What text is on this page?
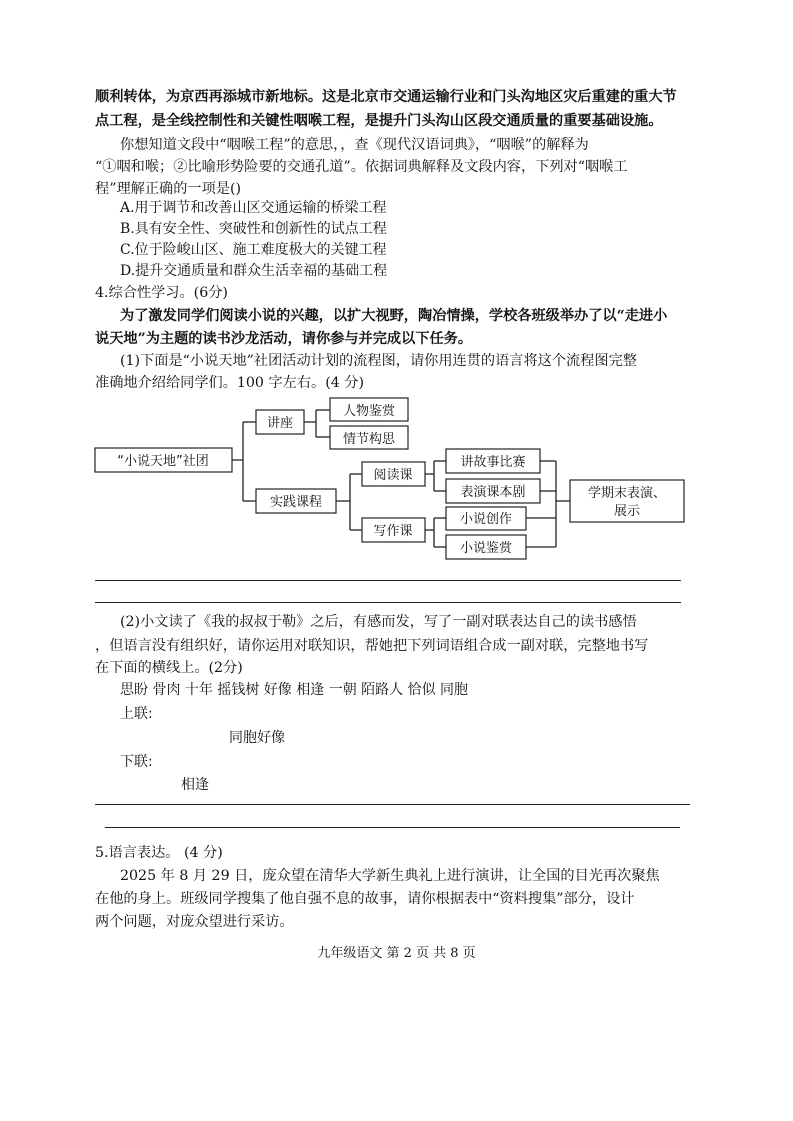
顺利转体，为京西再添城市新地标。这是北京市交通运输行业和门头沟地区灾后重建的重大节
点工程，是全线控制性和关键性咽喉工程，是提升门头沟山区段交通质量的重要基础设施。
你想知道文段中“咽喉工程”的意思，，查《现代汉语词典》，“咽喉”的解释为
“①咽和喉；②比喻形势险要的交通孔道”。依据词典解释及文段内容，下列对“咽喉工
程”理解正确的一项是()
A.用于调节和改善山区交通运输的桥梁工程
B.具有安全性、突破性和创新性的试点工程
C.位于险峻山区、施工难度极大的关键工程
D.提升交通质量和群众生活幸福的基础工程
4.综合性学习。(6分)
为了激发同学们阅读小说的兴趣，以扩大视野，陶冶情操，学校各班级举办了以“走进小
说天地”为主题的读书沙龙活动，请你参与并完成以下任务。
(1)下面是“小说天地”社团活动计划的流程图，请你用连贯的语言将这个流程图完整
准确地介绍给同学们。100 字左右。(4 分)
“小说天地”社团
讲座
人物鉴赏
情节构思
实践课程
阅读课
写作课
讲故事比赛
表演课本剧
小说创作
小说鉴赏
学期末表演、
展示
(2)小文读了《我的叔叔于勒》之后，有感而发，写了一副对联表达自己的读书感悟
，但语言没有组织好，请你运用对联知识，帮她把下列词语组合成一副对联，完整地书写
在下面的横线上。(2分)
思盼 骨肉 十年 摇钱树 好像 相逢 一朝 陌路人 恰似 同胞
上联:
同胞好像
下联:
相逢
5.语言表达。 (4 分)
2025 年 8 月 29 日，庞众望在清华大学新生典礼上进行演讲，让全国的目光再次聚焦
在他的身上。班级同学搜集了他自强不息的故事，请你根据表中“资料搜集”部分，设计
两个问题，对庞众望进行采访。
九年级语文 第 2 页 共 8 页
